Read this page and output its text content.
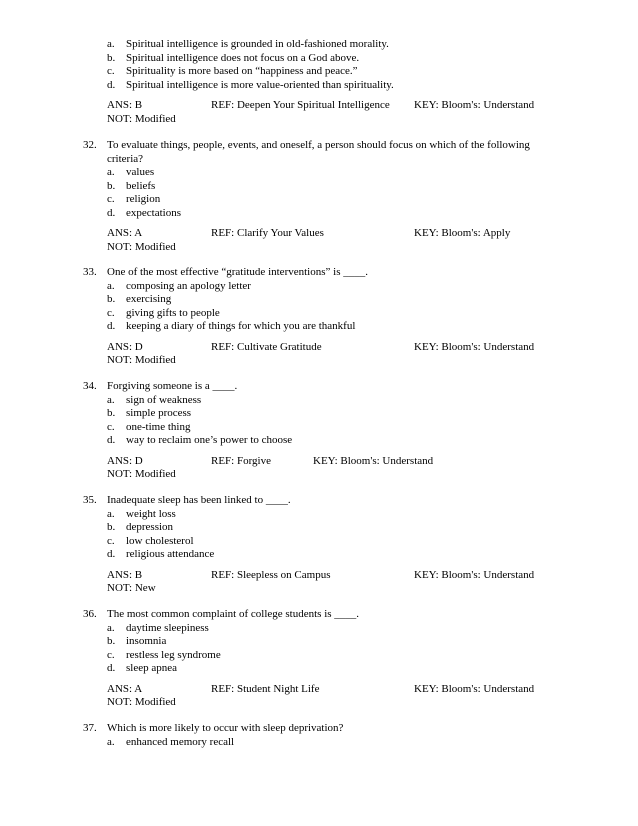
a. Spiritual intelligence is grounded in old-fashioned morality.
b. Spiritual intelligence does not focus on a God above.
c. Spirituality is more based on “happiness and peace.”
d. Spiritual intelligence is more value-oriented than spirituality.
ANS: B	REF: Deepen Your Spiritual Intelligence KEY: Bloom's: Understand
NOT: Modified
32. To evaluate things, people, events, and oneself, a person should focus on which of the following
criteria?
a. values
b. beliefs
c. religion
d. expectations
ANS: A	REF: Clarify Your Values	KEY: Bloom's: Apply
NOT: Modified
33. One of the most effective “gratitude interventions” is ____.
a. composing an apology letter
b. exercising
c. giving gifts to people
d. keeping a diary of things for which you are thankful
ANS: D	REF: Cultivate Gratitude	KEY: Bloom's: Understand
NOT: Modified
34. Forgiving someone is a ____.
a. sign of weakness
b. simple process
c. one-time thing
d. way to reclaim one’s power to choose
ANS: D	REF: Forgive	KEY: Bloom's: Understand
NOT: Modified
35. Inadequate sleep has been linked to ____.
a. weight loss
b. depression
c. low cholesterol
d. religious attendance
ANS: B	REF: Sleepless on Campus	KEY: Bloom's: Understand
NOT: New
36. The most common complaint of college students is ____.
a. daytime sleepiness
b. insomnia
c. restless leg syndrome
d. sleep apnea
ANS: A	REF: Student Night Life	KEY: Bloom's: Understand
NOT: Modified
37. Which is more likely to occur with sleep deprivation?
a. enhanced memory recall
